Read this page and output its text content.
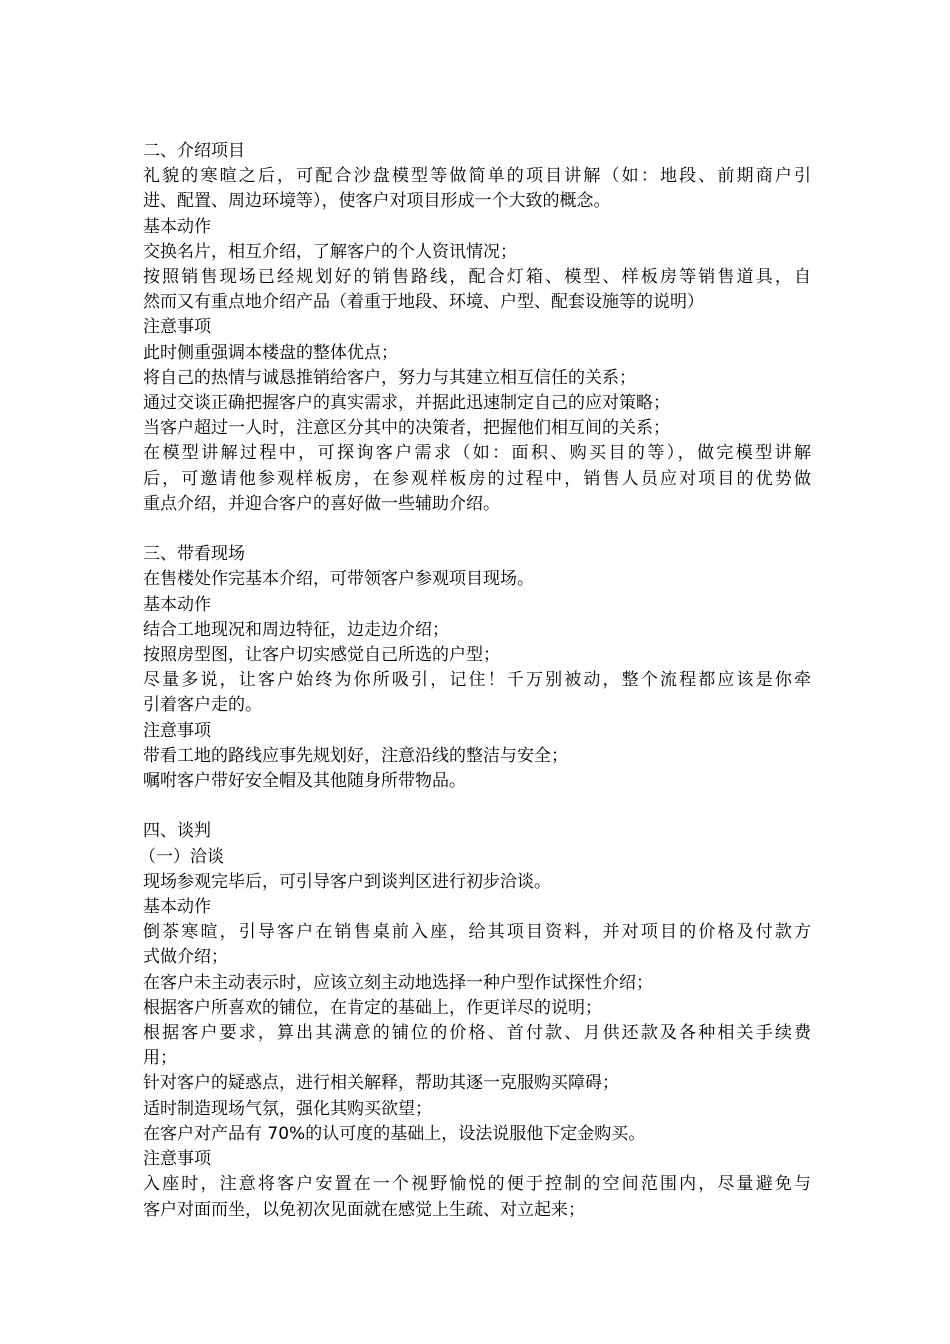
二、介绍项目
礼貌的寒暄之后，可配合沙盘模型等做简单的项目讲解（如：地段、前期商户引
进、配置、周边环境等），使客户对项目形成一个大致的概念。
基本动作
交换名片，相互介绍，了解客户的个人资讯情况；
按照销售现场已经规划好的销售路线，配合灯箱、模型、样板房等销售道具，自
然而又有重点地介绍产品（着重于地段、环境、户型、配套设施等的说明）
注意事项
此时侧重强调本楼盘的整体优点；
将自己的热情与诚恳推销给客户，努力与其建立相互信任的关系；
通过交谈正确把握客户的真实需求，并据此迅速制定自己的应对策略；
当客户超过一人时，注意区分其中的决策者，把握他们相互间的关系；
在模型讲解过程中，可探询客户需求（如：面积、购买目的等），做完模型讲解
后，可邀请他参观样板房，在参观样板房的过程中，销售人员应对项目的优势做
重点介绍，并迎合客户的喜好做一些辅助介绍。
三、带看现场
在售楼处作完基本介绍，可带领客户参观项目现场。
基本动作
结合工地现况和周边特征，边走边介绍；
按照房型图，让客户切实感觉自己所选的户型；
尽量多说，让客户始终为你所吸引，记住！千万别被动，整个流程都应该是你牵
引着客户走的。
注意事项
带看工地的路线应事先规划好，注意沿线的整洁与安全；
嘱咐客户带好安全帽及其他随身所带物品。
四、谈判
（一）洽谈
现场参观完毕后，可引导客户到谈判区进行初步洽谈。
基本动作
倒茶寒暄，引导客户在销售桌前入座，给其项目资料，并对项目的价格及付款方
式做介绍；
在客户未主动表示时，应该立刻主动地选择一种户型作试探性介绍；
根据客户所喜欢的铺位，在肯定的基础上，作更详尽的说明；
根据客户要求，算出其满意的铺位的价格、首付款、月供还款及各种相关手续费
用；
针对客户的疑惑点，进行相关解释，帮助其逐一克服购买障碍；
适时制造现场气氛，强化其购买欲望；
在客户对产品有 70%的认可度的基础上，设法说服他下定金购买。
注意事项
入座时，注意将客户安置在一个视野愉悦的便于控制的空间范围内，尽量避免与
客户对面而坐，以免初次见面就在感觉上生疏、对立起来；
